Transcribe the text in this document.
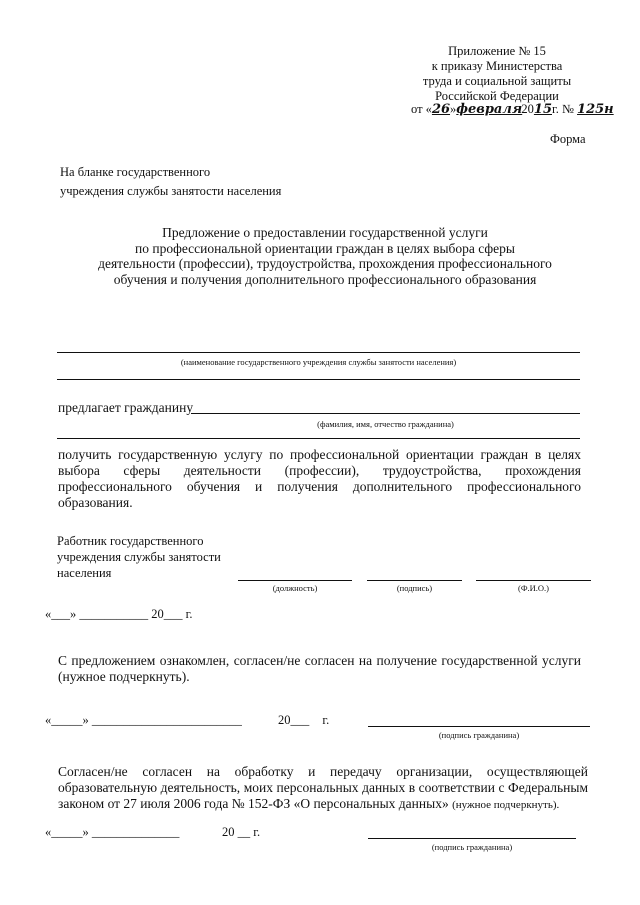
Приложение № 15
к приказу Министерства
труда и социальной защиты
Российской Федерации
от «26»февраля 2015г. № 125н
Форма
На бланке государственного
учреждения службы занятости населения
Предложение о предоставлении государственной услуги
по профессиональной ориентации граждан в целях выбора сферы
деятельности (профессии), трудоустройства, прохождения профессионального
обучения и получения дополнительного профессионального образования
(наименование государственного учреждения службы занятости населения)
предлагает гражданину
(фамилия, имя, отчество гражданина)
получить государственную услугу по профессиональной ориентации граждан в целях выбора сферы деятельности (профессии), трудоустройства, прохождения профессионального обучения и получения дополнительного профессионального образования.
Работник государственного
учреждения службы занятости
населения
(должность)	(подпись)	(Ф.И.О.)
«___» ___________ 20___ г.
С предложением ознакомлен, согласен/не согласен на получение государственной услуги (нужное подчеркнуть).
«_____» ________________________	20___ г.
(подпись гражданина)
Согласен/не согласен на обработку и передачу организации, осуществляющей образовательную деятельность, моих персональных данных в соответствии с Федеральным законом от 27 июля 2006 года № 152-ФЗ «О персональных данных» (нужное подчеркнуть).
«_____» ______________	20 __ г.
(подпись гражданина)
